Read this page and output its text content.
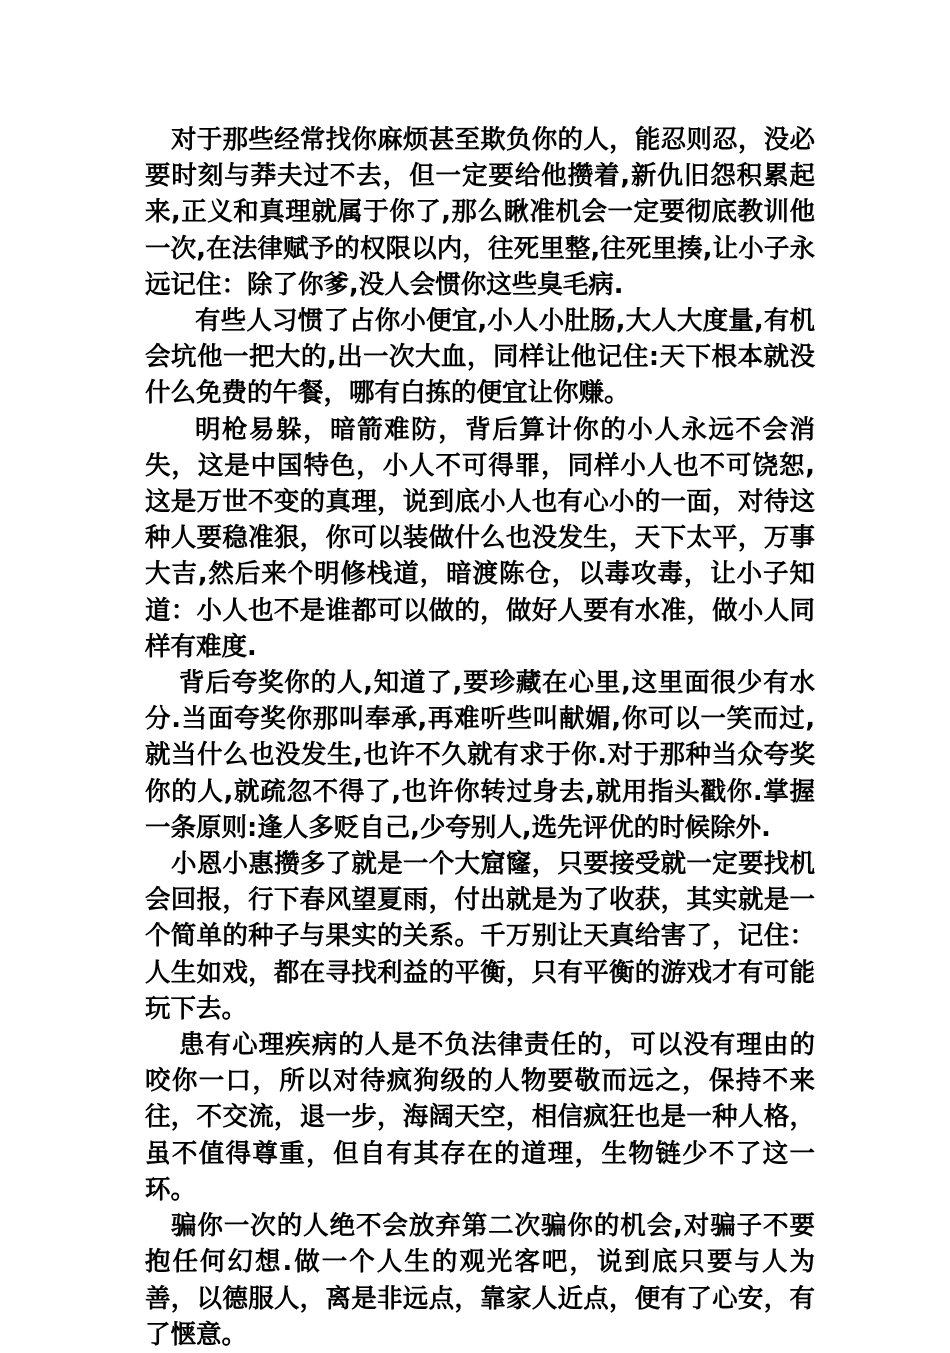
对于那些经常找你麻烦甚至欺负你的人，能忍则忍，没必要时刻与莽夫过不去，但一定要给他攒着,新仇旧怨积累起来,正义和真理就属于你了,那么瞅准机会一定要彻底教训他一次,在法律赋予的权限以内，往死里整,往死里揍,让小子永远记住：除了你爹,没人会惯你这些臭毛病.

有些人习惯了占你小便宜,小人小肚肠,大人大度量,有机会坑他一把大的,出一次大血，同样让他记住:天下根本就没什么免费的午餐，哪有白拣的便宜让你赚。

明枪易躲，暗箭难防，背后算计你的小人永远不会消失，这是中国特色，小人不可得罪，同样小人也不可饶恕,这是万世不变的真理，说到底小人也有心小的一面，对待这种人要稳准狠，你可以装做什么也没发生，天下太平，万事大吉,然后来个明修栈道，暗渡陈仓，以毒攻毒，让小子知道：小人也不是谁都可以做的，做好人要有水准，做小人同样有难度.

背后夸奖你的人,知道了,要珍藏在心里,这里面很少有水分.当面夸奖你那叫奉承,再难听些叫献媚,你可以一笑而过,就当什么也没发生,也许不久就有求于你.对于那种当众夸奖你的人,就疏忽不得了,也许你转过身去,就用指头戳你.掌握一条原则:逢人多贬自己,少夸别人,选先评优的时候除外.

小恩小惠攒多了就是一个大窟窿，只要接受就一定要找机会回报，行下春风望夏雨，付出就是为了收获，其实就是一个简单的种子与果实的关系。千万别让天真给害了，记住：人生如戏，都在寻找利益的平衡，只有平衡的游戏才有可能玩下去。

患有心理疾病的人是不负法律责任的，可以没有理由的咬你一口，所以对待疯狗级的人物要敬而远之，保持不来往，不交流，退一步，海阔天空，相信疯狂也是一种人格，虽不值得尊重，但自有其存在的道理，生物链少不了这一环。

骗你一次的人绝不会放弃第二次骗你的机会,对骗子不要抱任何幻想.做一个人生的观光客吧，说到底只要与人为善，以德服人，离是非远点，靠家人近点，便有了心安，有了惬意。
